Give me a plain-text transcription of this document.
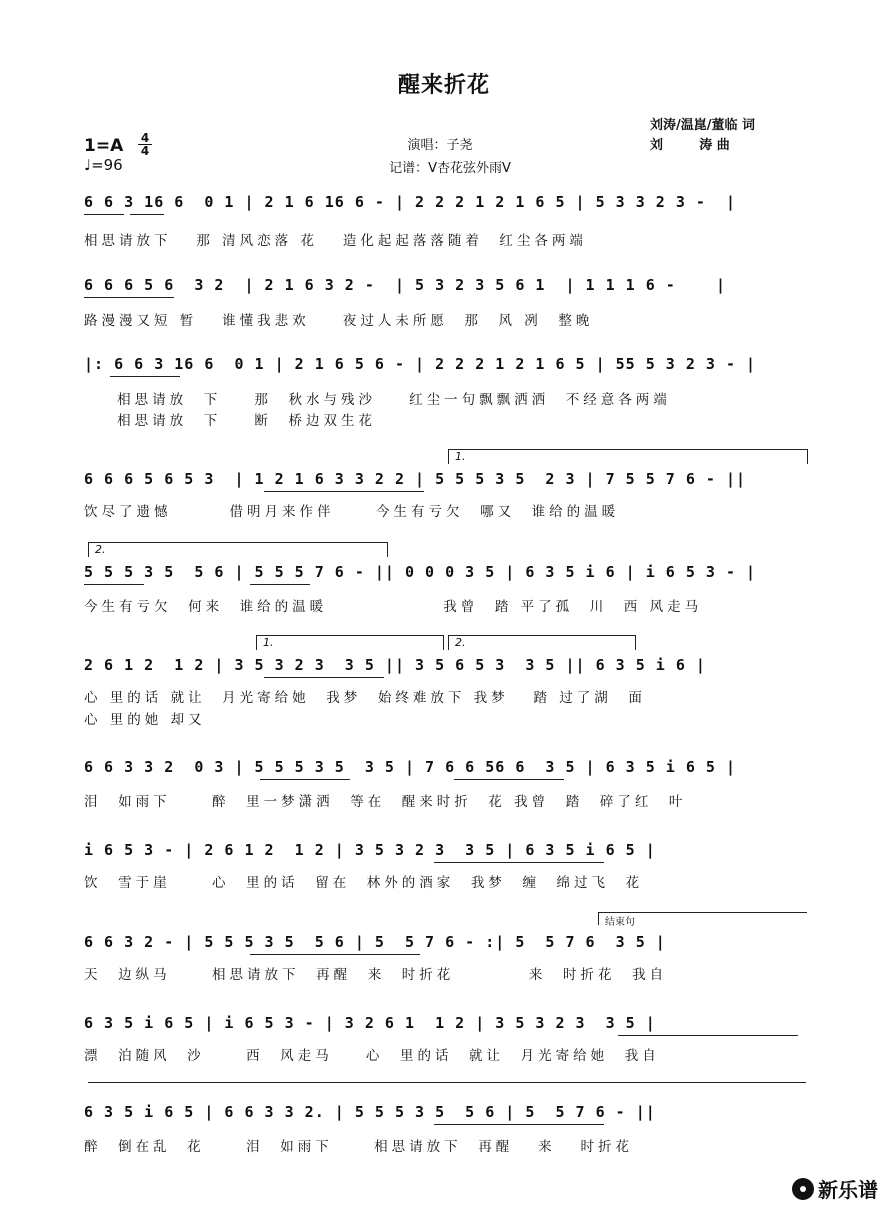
醒来折花
刘涛/温崑/董临 词
刘        涛 曲
1=A 4
4
♩=96
演唱：子尧
记谱：V杏花弦外雨V
6 6 3 16 6  0 1 | 2 1 6 16 6 - | 2 2 2 1 2 1 6 5 | 5 3 3 2 3 -  |
相思请放下   那 清风恋落 花   造化起起落落随着  红尘各两端
6 6 6 5 6  3 2  | 2 1 6 3 2 -  | 5 3 2 3 5 6 1  | 1 1 1 6 -    |
路漫漫又短 暂   谁懂我悲欢    夜过人未所愿  那  风 冽  整晚
|: 6 6 3 16 6  0 1 | 2 1 6 5 6 - | 2 2 2 1 2 1 6 5 | 55 5 3 2 3 - |
相思请放  下    那  秋水与残沙    红尘一句飘飘洒洒  不经意各两端
相思请放  下    断  桥边双生花
1.
6 6 6 5 6 5 3  | 1 2 1 6 3 3 2 2 | 5 5 5 3 5  2 3 | 7 5 5 7 6 - ||
饮尽了遗憾       借明月来作伴     今生有亏欠  哪又  谁给的温暖
2.
5 5 5 3 5  5 6 | 5 5 5 7 6 - || 0 0 0 3 5 | 6 3 5 i 6 | i 6 5 3 - |
今生有亏欠  何来  谁给的温暖              我曾  踏 平了孤  川  西 风走马
1.	2.
2 6 1 2  1 2 | 3 5 3 2 3  3 5 || 3 5 6 5 3  3 5 || 6 3 5 i 6 |
心 里的话 就让  月光寄给她  我梦  始终难放下 我梦   踏 过了湖  面
心 里的她 却又
6 6 3 3 2  0 3 | 5 5 5 3 5  3 5 | 7 6 6 56 6  3 5 | 6 3 5 i 6 5 |
泪  如雨下     醉  里一梦潇洒  等在  醒来时折  花 我曾  踏  碎了红  叶
i 6 5 3 - | 2 6 1 2  1 2 | 3 5 3 2 3  3 5 | 6 3 5 i 6 5 |
饮  雪于崖     心  里的话  留在  林外的酒家  我梦  缠  绵过飞  花
结束句
6 6 3 2 - | 5 5 5 3 5  5 6 | 5  5 7 6 - :| 5  5 7 6  3 5 |
天  边纵马     相思请放下  再醒  来  时折花         来  时折花  我自
6 3 5 i 6 5 | i 6 5 3 - | 3 2 6 1  1 2 | 3 5 3 2 3  3 5 |
漂  泊随风  沙     西  风走马    心  里的话  就让  月光寄给她  我自
6 3 5 i 6 5 | 6 6 3 3 2. | 5 5 5 3 5  5 6 | 5  5 7 6 - ||
醉  倒在乱  花     泪  如雨下     相思请放下  再醒   来   时折花
新乐谱
